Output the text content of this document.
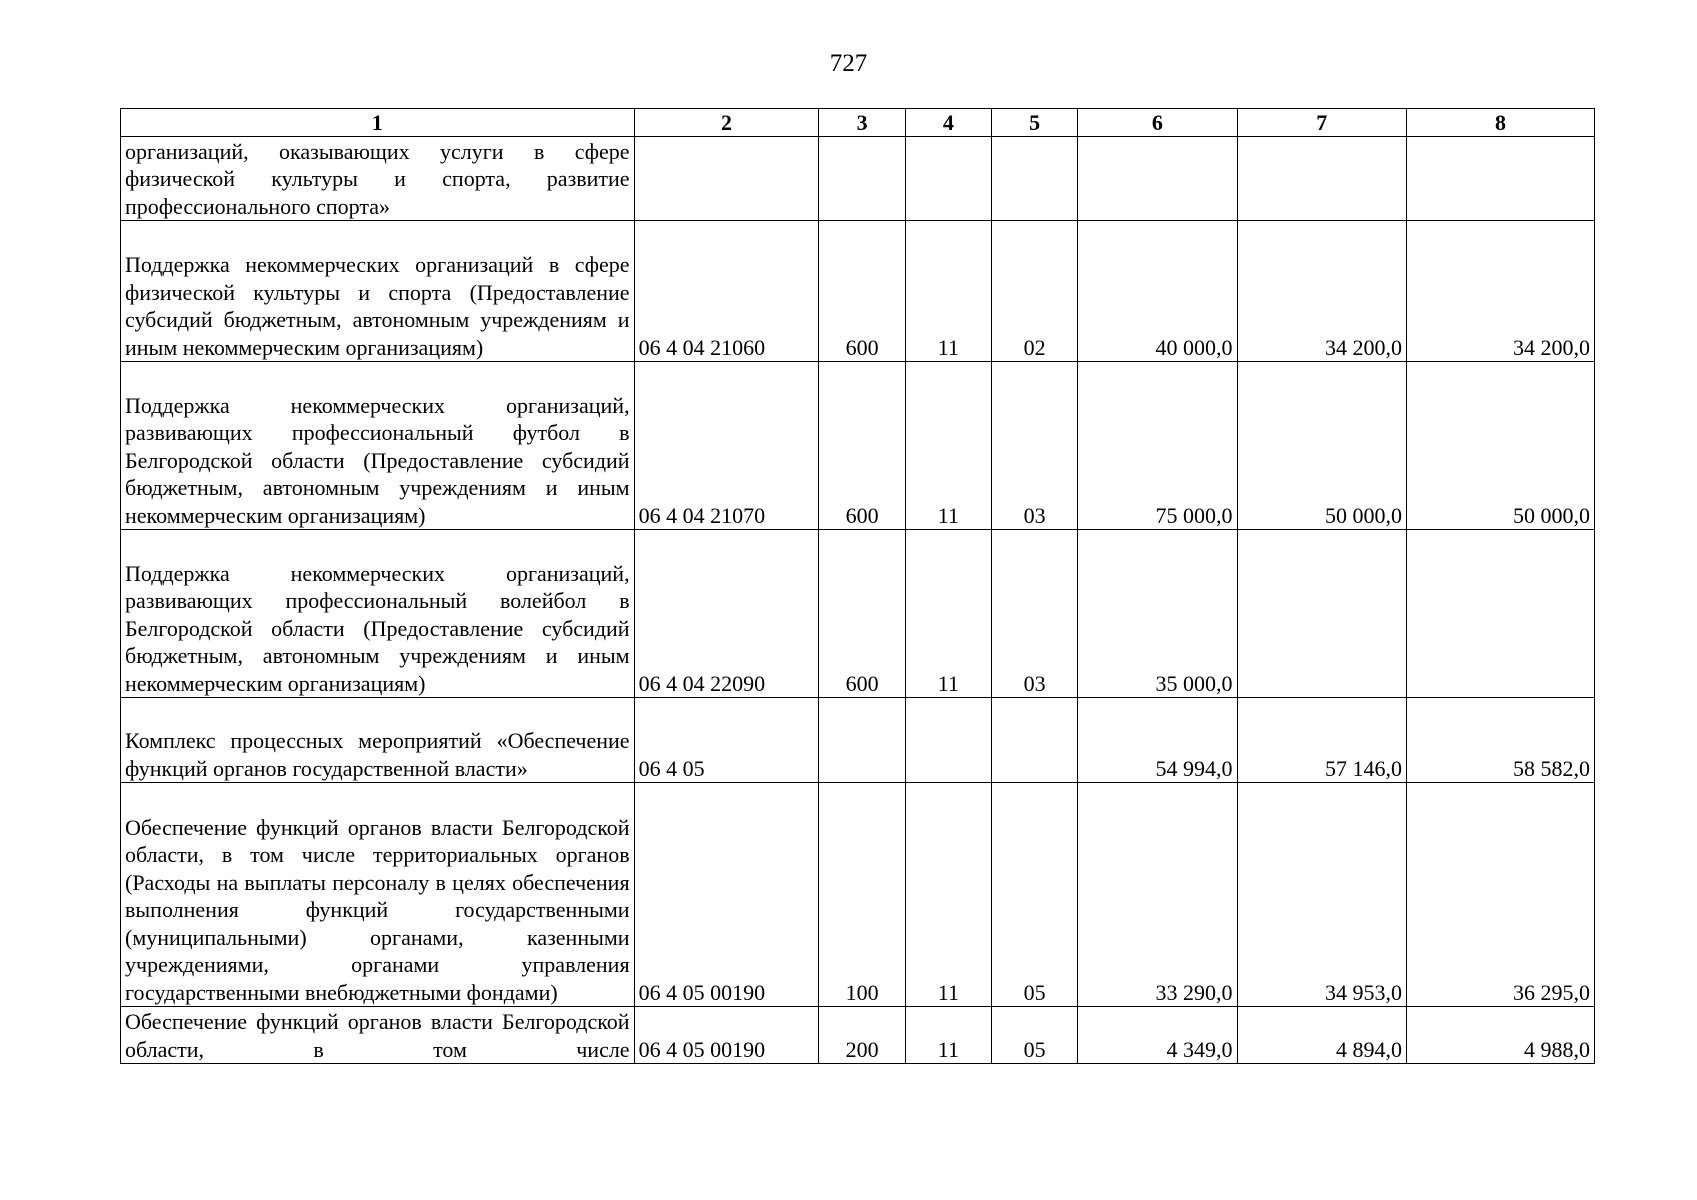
727
1	2	3	4	5	6	7	8
организаций, оказывающих услуги в сфере физической культуры и спорта, развитие профессионального спорта»							
Поддержка некоммерческих организаций в сфере физической культуры и спорта (Предоставление субсидий бюджетным, автономным учреждениям и иным некоммерческим организациям)	06 4 04 21060	600	11	02	40 000,0	34 200,0	34 200,0
Поддержка некоммерческих организаций, развивающих профессиональный футбол в Белгородской области (Предоставление субсидий бюджетным, автономным учреждениям и иным некоммерческим организациям)	06 4 04 21070	600	11	03	75 000,0	50 000,0	50 000,0
Поддержка некоммерческих организаций, развивающих профессиональный волейбол в Белгородской области (Предоставление субсидий бюджетным, автономным учреждениям и иным некоммерческим организациям)	06 4 04 22090	600	11	03	35 000,0		
Комплекс процессных мероприятий «Обеспечение функций органов государственной власти»	06 4 05				54 994,0	57 146,0	58 582,0
Обеспечение функций органов власти Белгородской области, в том числе территориальных органов (Расходы на выплаты персоналу в целях обеспечения выполнения функций государственными (муниципальными) органами, казенными учреждениями, органами управления государственными внебюджетными фондами)	06 4 05 00190	100	11	05	33 290,0	34 953,0	36 295,0
Обеспечение функций органов власти Белгородской области, в том числе	06 4 05 00190	200	11	05	4 349,0	4 894,0	4 988,0
